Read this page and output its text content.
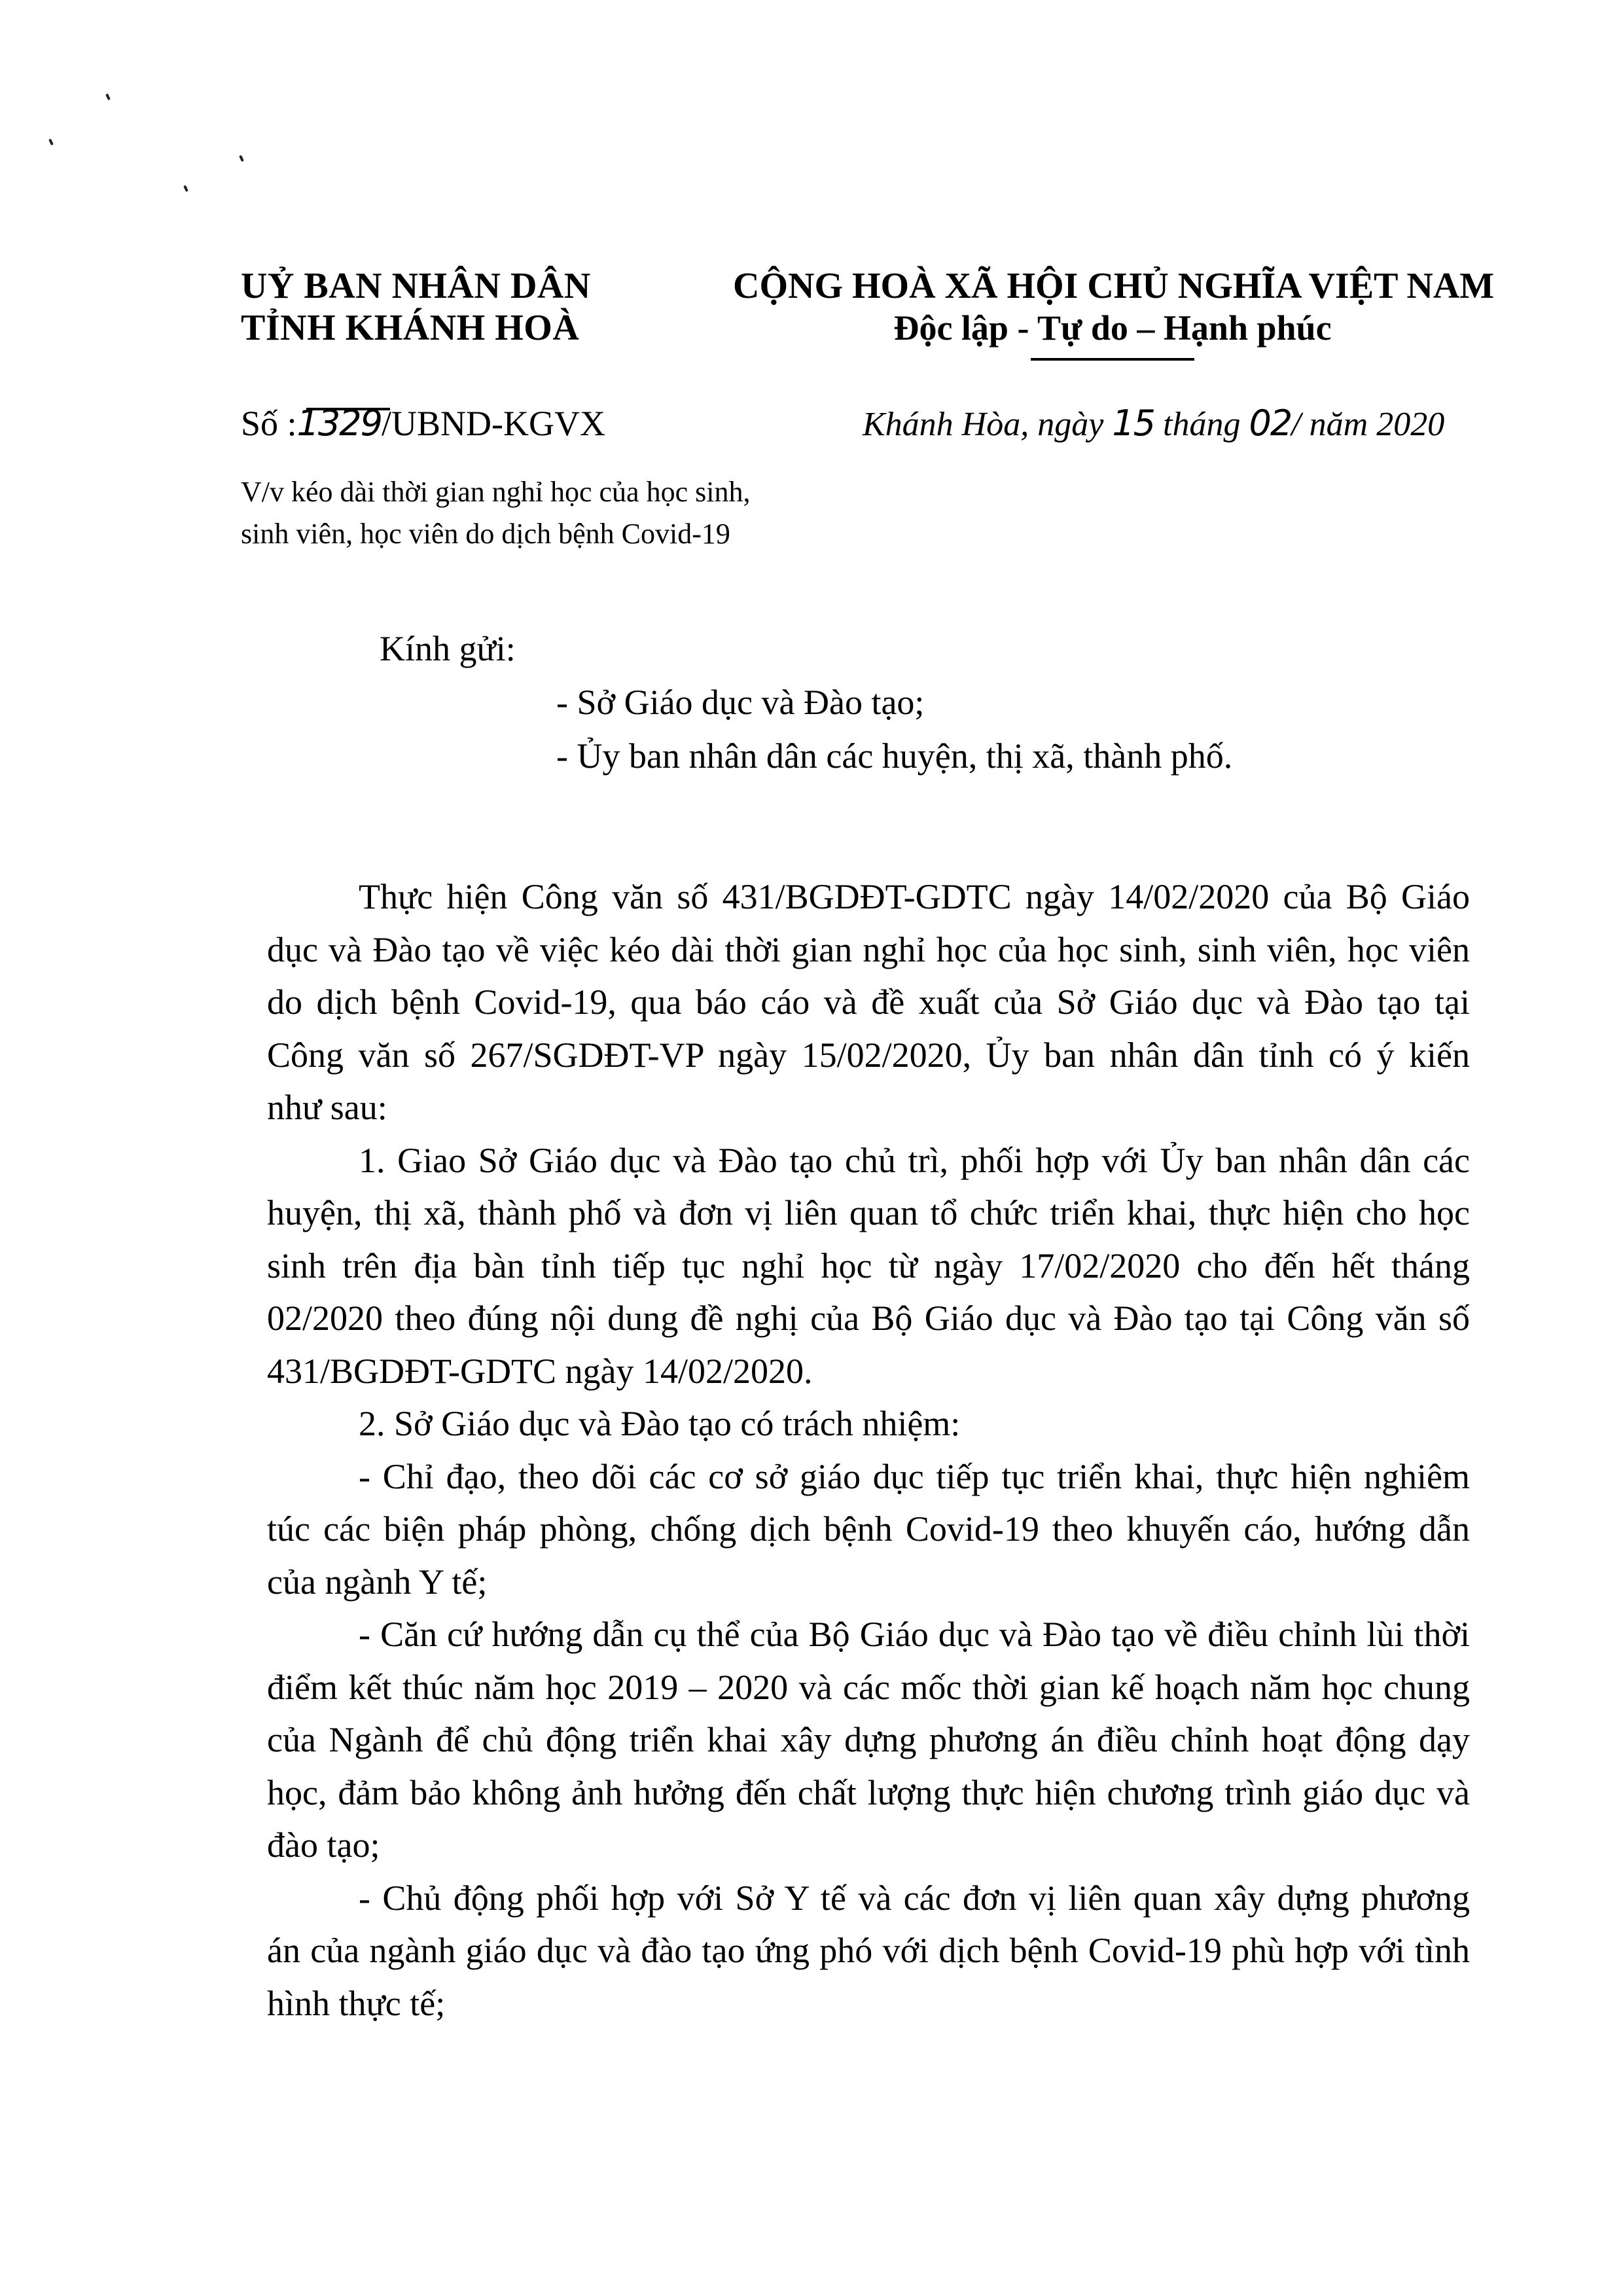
UỶ BAN NHÂN DÂN
TỈNH KHÁNH HOÀ
CỘNG HOÀ XÃ HỘI CHỦ NGHĨA VIỆT NAM
Độc lập - Tự do – Hạnh phúc
Số :1329/UBND-KGVX	Khánh Hòa, ngày 15 tháng 02/ năm 2020
V/v kéo dài thời gian nghỉ học của học sinh,
sinh viên, học viên do dịch bệnh Covid-19
Kính gửi:
- Sở Giáo dục và Đào tạo;
- Ủy ban nhân dân các huyện, thị xã, thành phố.
Thực hiện Công văn số 431/BGDĐT-GDTC ngày 14/02/2020 của Bộ Giáo
dục và Đào tạo về việc kéo dài thời gian nghỉ học của học sinh, sinh viên, học viên
do dịch bệnh Covid-19, qua báo cáo và đề xuất của Sở Giáo dục và Đào tạo tại
Công văn số 267/SGDĐT-VP ngày 15/02/2020, Ủy ban nhân dân tỉnh có ý kiến
như sau:
1. Giao Sở Giáo dục và Đào tạo chủ trì, phối hợp với Ủy ban nhân dân các
huyện, thị xã, thành phố và đơn vị liên quan tổ chức triển khai, thực hiện cho học
sinh trên địa bàn tỉnh tiếp tục nghỉ học từ ngày 17/02/2020 cho đến hết tháng
02/2020 theo đúng nội dung đề nghị của Bộ Giáo dục và Đào tạo tại Công văn số
431/BGDĐT-GDTC ngày 14/02/2020.
2. Sở Giáo dục và Đào tạo có trách nhiệm:
- Chỉ đạo, theo dõi các cơ sở giáo dục tiếp tục triển khai, thực hiện nghiêm
túc các biện pháp phòng, chống dịch bệnh Covid-19 theo khuyến cáo, hướng dẫn
của ngành Y tế;
- Căn cứ hướng dẫn cụ thể của Bộ Giáo dục và Đào tạo về điều chỉnh lùi thời
điểm kết thúc năm học 2019 – 2020 và các mốc thời gian kế hoạch năm học chung
của Ngành để chủ động triển khai xây dựng phương án điều chỉnh hoạt động dạy
học, đảm bảo không ảnh hưởng đến chất lượng thực hiện chương trình giáo dục và
đào tạo;
- Chủ động phối hợp với Sở Y tế và các đơn vị liên quan xây dựng phương
án của ngành giáo dục và đào tạo ứng phó với dịch bệnh Covid-19 phù hợp với tình
hình thực tế;
